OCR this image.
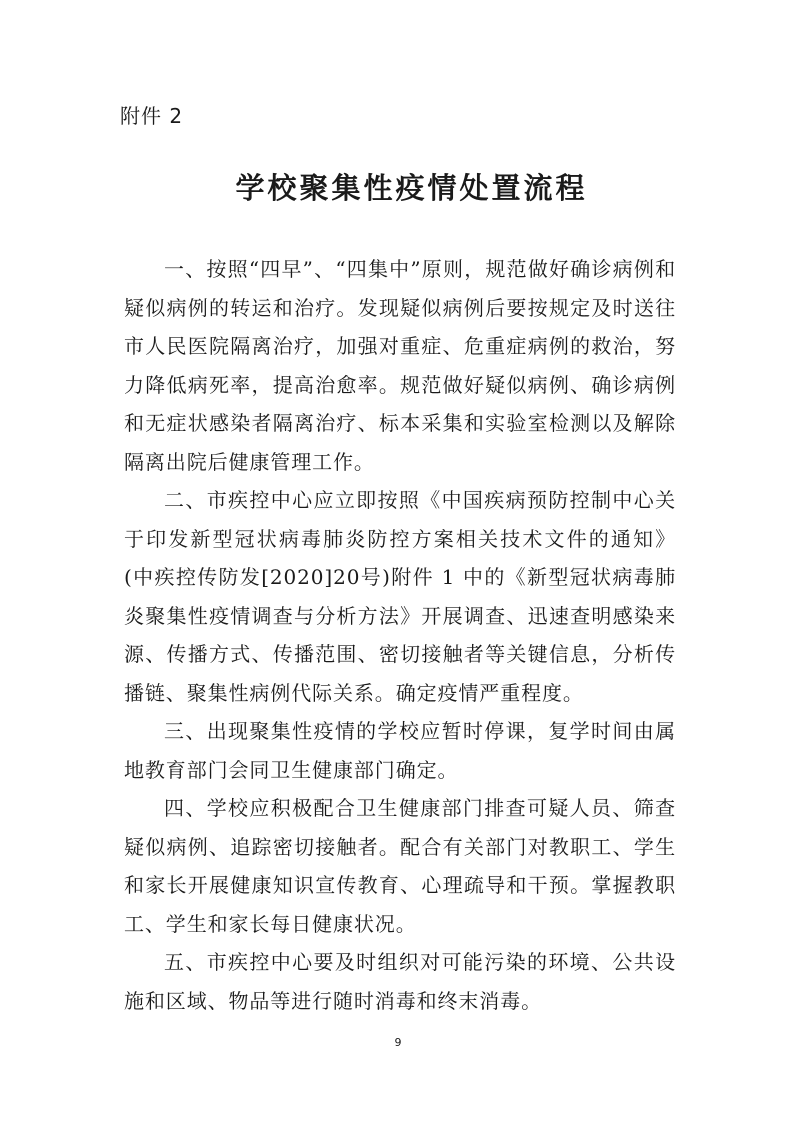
附件 2
学校聚集性疫情处置流程

一、按照“四早”、“四集中”原则，规范做好确诊病例和疑似病例的转运和治疗。发现疑似病例后要按规定及时送往市人民医院隔离治疗，加强对重症、危重症病例的救治，努力降低病死率，提高治愈率。规范做好疑似病例、确诊病例和无症状感染者隔离治疗、标本采集和实验室检测以及解除隔离出院后健康管理工作。

二、市疾控中心应立即按照《中国疾病预防控制中心关于印发新型冠状病毒肺炎防控方案相关技术文件的通知》(中疾控传防发[2020]20号)附件 1 中的《新型冠状病毒肺炎聚集性疫情调查与分析方法》开展调查、迅速查明感染来源、传播方式、传播范围、密切接触者等关键信息，分析传播链、聚集性病例代际关系。确定疫情严重程度。

三、出现聚集性疫情的学校应暂时停课，复学时间由属地教育部门会同卫生健康部门确定。

四、学校应积极配合卫生健康部门排查可疑人员、筛查疑似病例、追踪密切接触者。配合有关部门对教职工、学生和家长开展健康知识宣传教育、心理疏导和干预。掌握教职工、学生和家长每日健康状况。

五、市疾控中心要及时组织对可能污染的环境、公共设施和区域、物品等进行随时消毒和终末消毒。

9
